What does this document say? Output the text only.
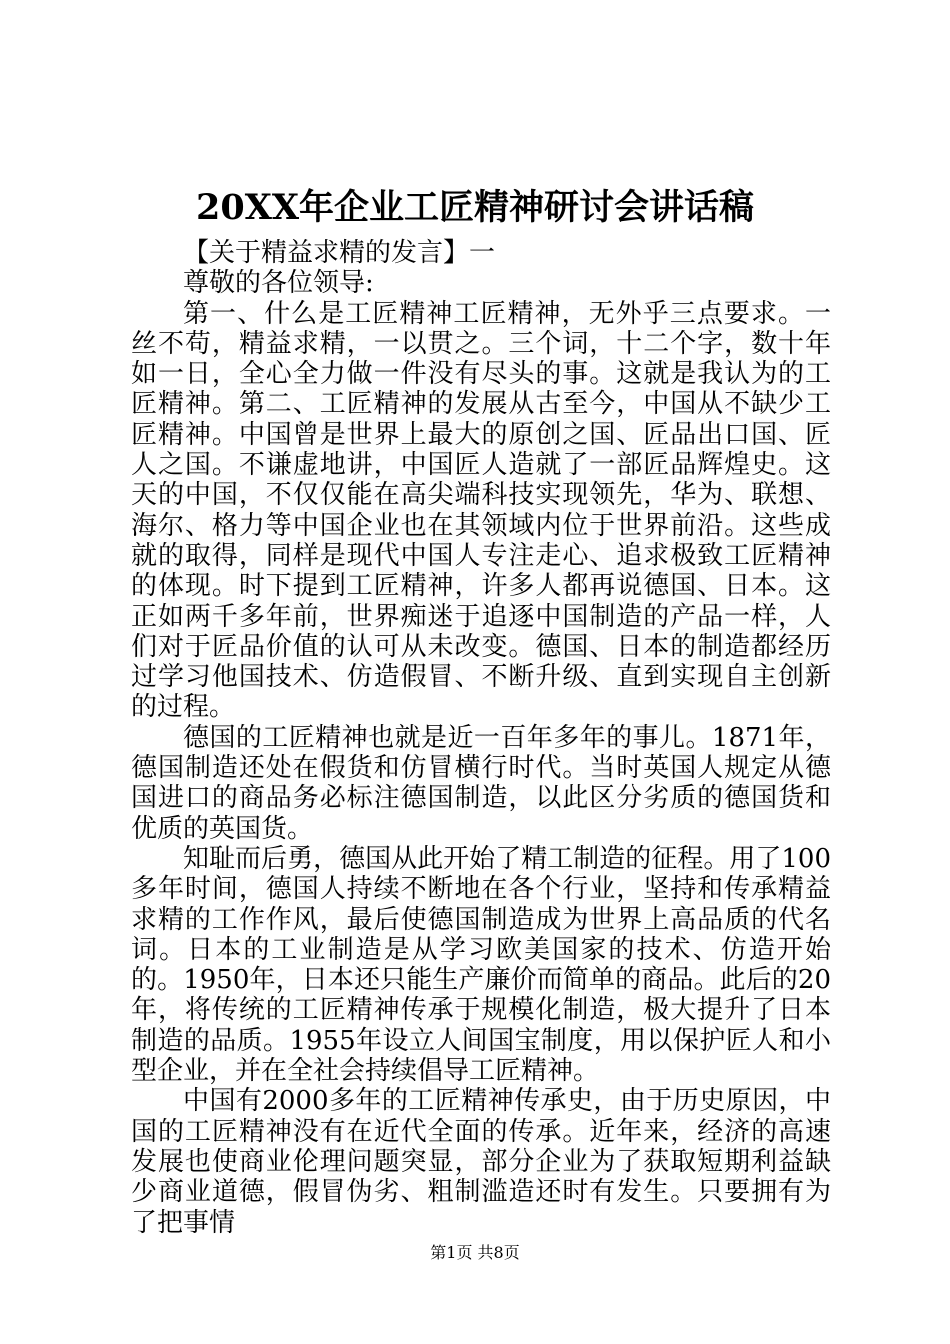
20XX年企业工匠精神研讨会讲话稿

【关于精益求精的发言】一

尊敬的各位领导:

第一、什么是工匠精神工匠精神，无外乎三点要求。一丝不苟，精益求精，一以贯之。三个词，十二个字，数十年如一日，全心全力做一件没有尽头的事。这就是我认为的工匠精神。第二、工匠精神的发展从古至今，中国从不缺少工匠精神。中国曾是世界上最大的原创之国、匠品出口国、匠人之国。不谦虚地讲，中国匠人造就了一部匠品辉煌史。这天的中国，不仅仅能在高尖端科技实现领先，华为、联想、海尔、格力等中国企业也在其领域内位于世界前沿。这些成就的取得，同样是现代中国人专注走心、追求极致工匠精神的体现。时下提到工匠精神，许多人都再说德国、日本。这正如两千多年前，世界痴迷于追逐中国制造的产品一样，人们对于匠品价值的认可从未改变。德国、日本的制造都经历过学习他国技术、仿造假冒、不断升级、直到实现自主创新的过程。

德国的工匠精神也就是近一百年多年的事儿。1871年，德国制造还处在假货和仿冒横行时代。当时英国人规定从德国进口的商品务必标注德国制造，以此区分劣质的德国货和优质的英国货。

知耻而后勇，德国从此开始了精工制造的征程。用了100多年时间，德国人持续不断地在各个行业，坚持和传承精益求精的工作作风，最后使德国制造成为世界上高品质的代名词。日本的工业制造是从学习欧美国家的技术、仿造开始的。1950年，日本还只能生产廉价而简单的商品。此后的20年，将传统的工匠精神传承于规模化制造，极大提升了日本制造的品质。1955年设立人间国宝制度，用以保护匠人和小型企业，并在全社会持续倡导工匠精神。

中国有2000多年的工匠精神传承史，由于历史原因，中国的工匠精神没有在近代全面的传承。近年来，经济的高速发展也使商业伦理问题突显，部分企业为了获取短期利益缺少商业道德，假冒伪劣、粗制滥造还时有发生。只要拥有为了把事情

第1页 共8页
